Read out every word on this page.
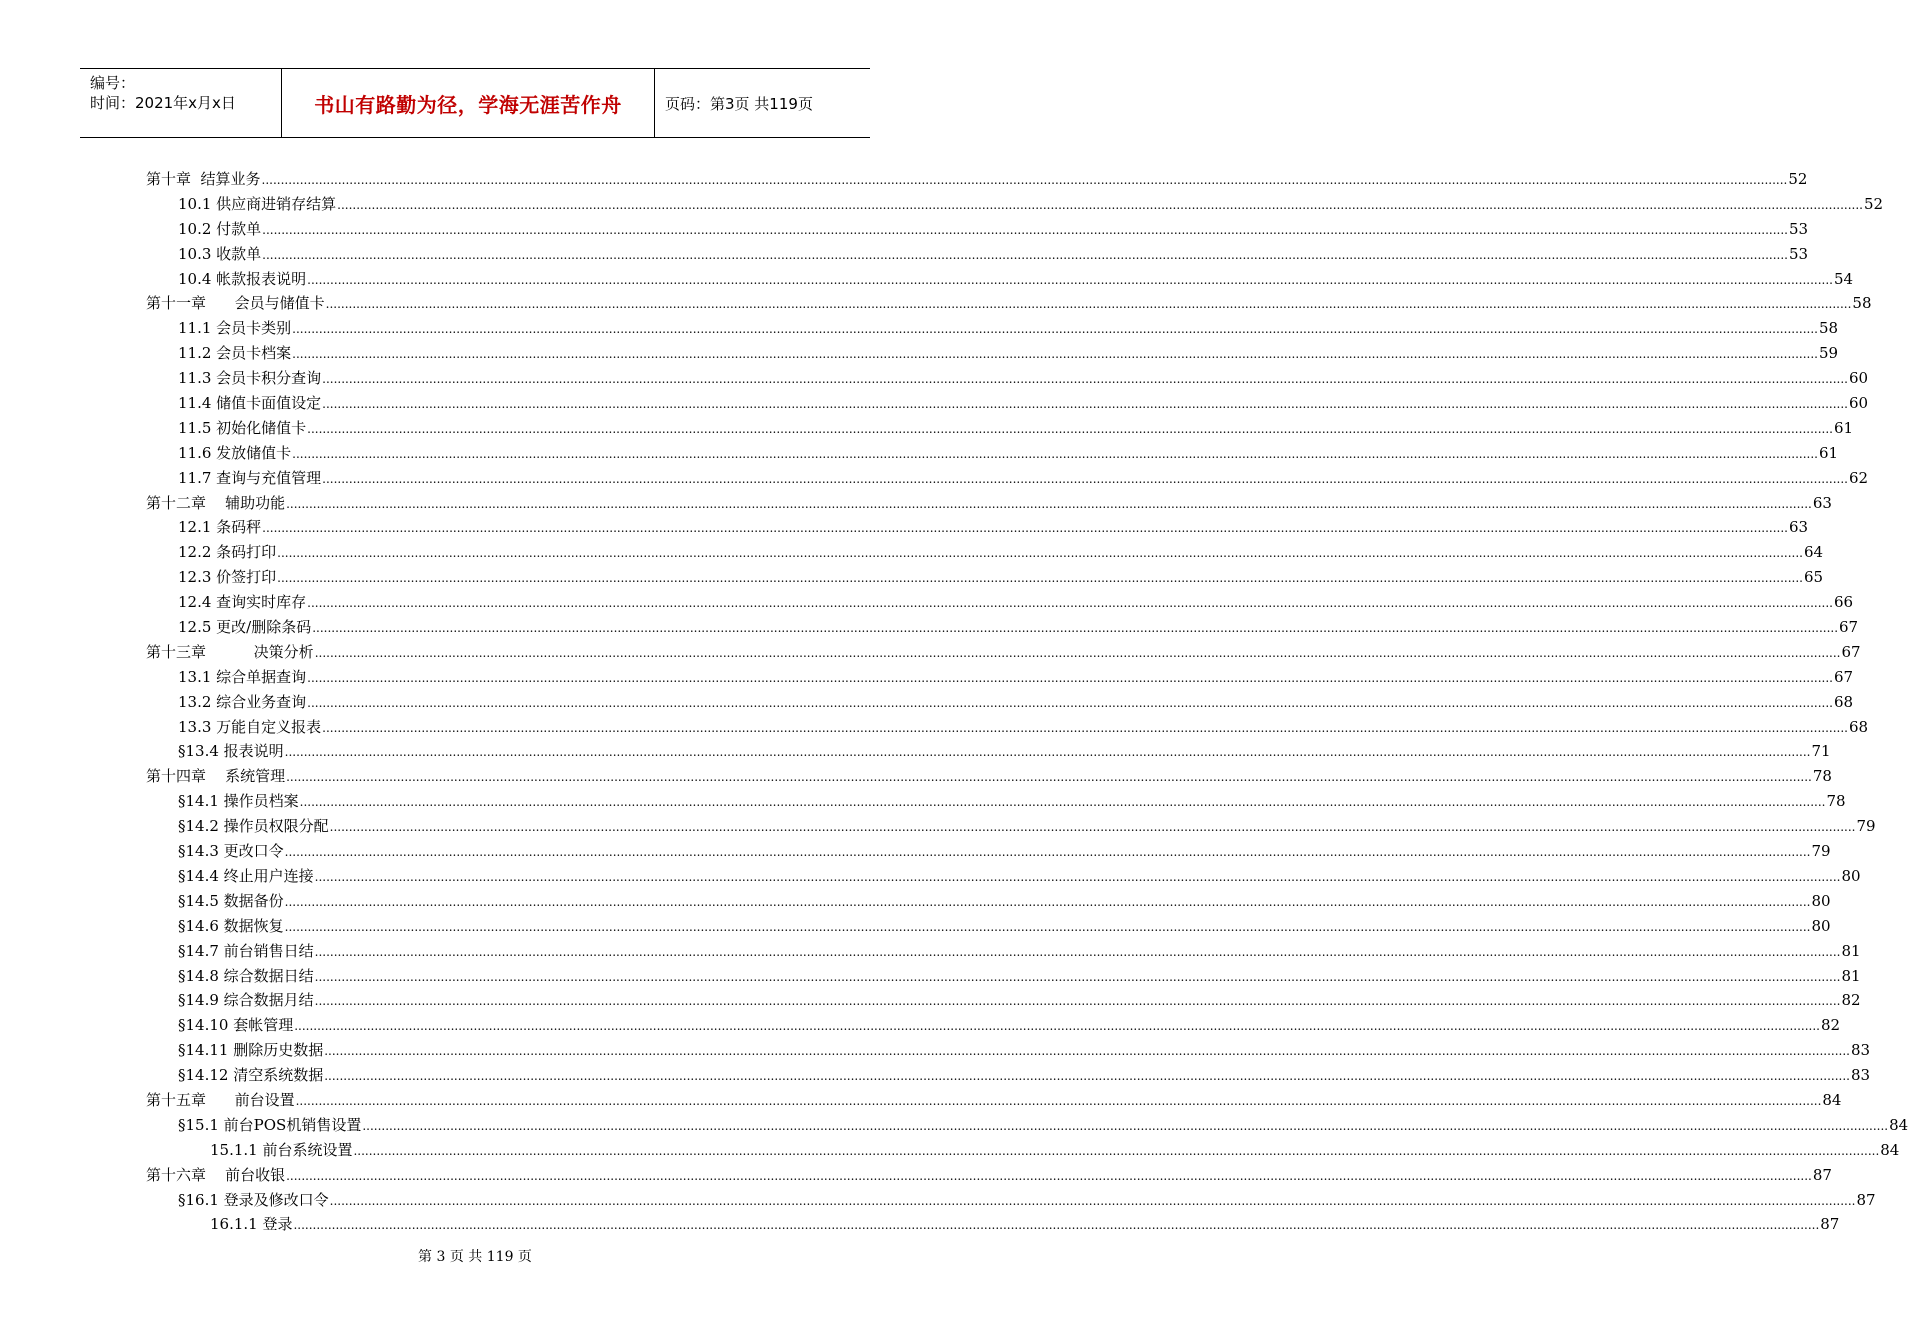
编号：
时间：2021年x月x日	书山有路勤为径，学海无涯苦作舟	页码：第3页 共119页
第十章  结算业务 ................................................................................................................................................................................................................................................................................................................................................................................................................ 52
10.1 供应商进销存结算 ................................................................................................................................................................................................................................................................................................................................................................................................................ 52
10.2 付款单 ................................................................................................................................................................................................................................................................................................................................................................................................................ 53
10.3 收款单 ................................................................................................................................................................................................................................................................................................................................................................................................................ 53
10.4 帐款报表说明 ................................................................................................................................................................................................................................................................................................................................................................................................................ 54
第十一章      会员与储值卡 ................................................................................................................................................................................................................................................................................................................................................................................................................ 58
11.1 会员卡类别 ................................................................................................................................................................................................................................................................................................................................................................................................................ 58
11.2 会员卡档案 ................................................................................................................................................................................................................................................................................................................................................................................................................ 59
11.3 会员卡积分查询 ................................................................................................................................................................................................................................................................................................................................................................................................................ 60
11.4 储值卡面值设定 ................................................................................................................................................................................................................................................................................................................................................................................................................ 60
11.5 初始化储值卡 ................................................................................................................................................................................................................................................................................................................................................................................................................ 61
11.6 发放储值卡 ................................................................................................................................................................................................................................................................................................................................................................................................................ 61
11.7 查询与充值管理 ................................................................................................................................................................................................................................................................................................................................................................................................................ 62
第十二章    辅助功能 ................................................................................................................................................................................................................................................................................................................................................................................................................ 63
12.1 条码秤 ................................................................................................................................................................................................................................................................................................................................................................................................................ 63
12.2 条码打印 ................................................................................................................................................................................................................................................................................................................................................................................................................ 64
12.3 价签打印 ................................................................................................................................................................................................................................................................................................................................................................................................................ 65
12.4 查询实时库存 ................................................................................................................................................................................................................................................................................................................................................................................................................ 66
12.5 更改/删除条码 ................................................................................................................................................................................................................................................................................................................................................................................................................ 67
第十三章          决策分析 ................................................................................................................................................................................................................................................................................................................................................................................................................ 67
13.1 综合单据查询 ................................................................................................................................................................................................................................................................................................................................................................................................................ 67
13.2 综合业务查询 ................................................................................................................................................................................................................................................................................................................................................................................................................ 68
13.3 万能自定义报表 ................................................................................................................................................................................................................................................................................................................................................................................................................ 68
§13.4 报表说明 ................................................................................................................................................................................................................................................................................................................................................................................................................ 71
第十四章    系统管理 ................................................................................................................................................................................................................................................................................................................................................................................................................ 78
§14.1 操作员档案 ................................................................................................................................................................................................................................................................................................................................................................................................................ 78
§14.2 操作员权限分配 ................................................................................................................................................................................................................................................................................................................................................................................................................ 79
§14.3 更改口令 ................................................................................................................................................................................................................................................................................................................................................................................................................ 79
§14.4 终止用户连接 ................................................................................................................................................................................................................................................................................................................................................................................................................ 80
§14.5 数据备份 ................................................................................................................................................................................................................................................................................................................................................................................................................ 80
§14.6 数据恢复 ................................................................................................................................................................................................................................................................................................................................................................................................................ 80
§14.7 前台销售日结 ................................................................................................................................................................................................................................................................................................................................................................................................................ 81
§14.8 综合数据日结 ................................................................................................................................................................................................................................................................................................................................................................................................................ 81
§14.9 综合数据月结 ................................................................................................................................................................................................................................................................................................................................................................................................................ 82
§14.10 套帐管理 ................................................................................................................................................................................................................................................................................................................................................................................................................ 82
§14.11 删除历史数据 ................................................................................................................................................................................................................................................................................................................................................................................................................ 83
§14.12 清空系统数据 ................................................................................................................................................................................................................................................................................................................................................................................................................ 83
第十五章      前台设置 ................................................................................................................................................................................................................................................................................................................................................................................................................ 84
§15.1 前台POS机销售设置 ................................................................................................................................................................................................................................................................................................................................................................................................................ 84
15.1.1 前台系统设置 ................................................................................................................................................................................................................................................................................................................................................................................................................ 84
第十六章    前台收银 ................................................................................................................................................................................................................................................................................................................................................................................................................ 87
§16.1 登录及修改口令 ................................................................................................................................................................................................................................................................................................................................................................................................................ 87
16.1.1 登录 ................................................................................................................................................................................................................................................................................................................................................................................................................ 87
第 3 页 共 119 页
